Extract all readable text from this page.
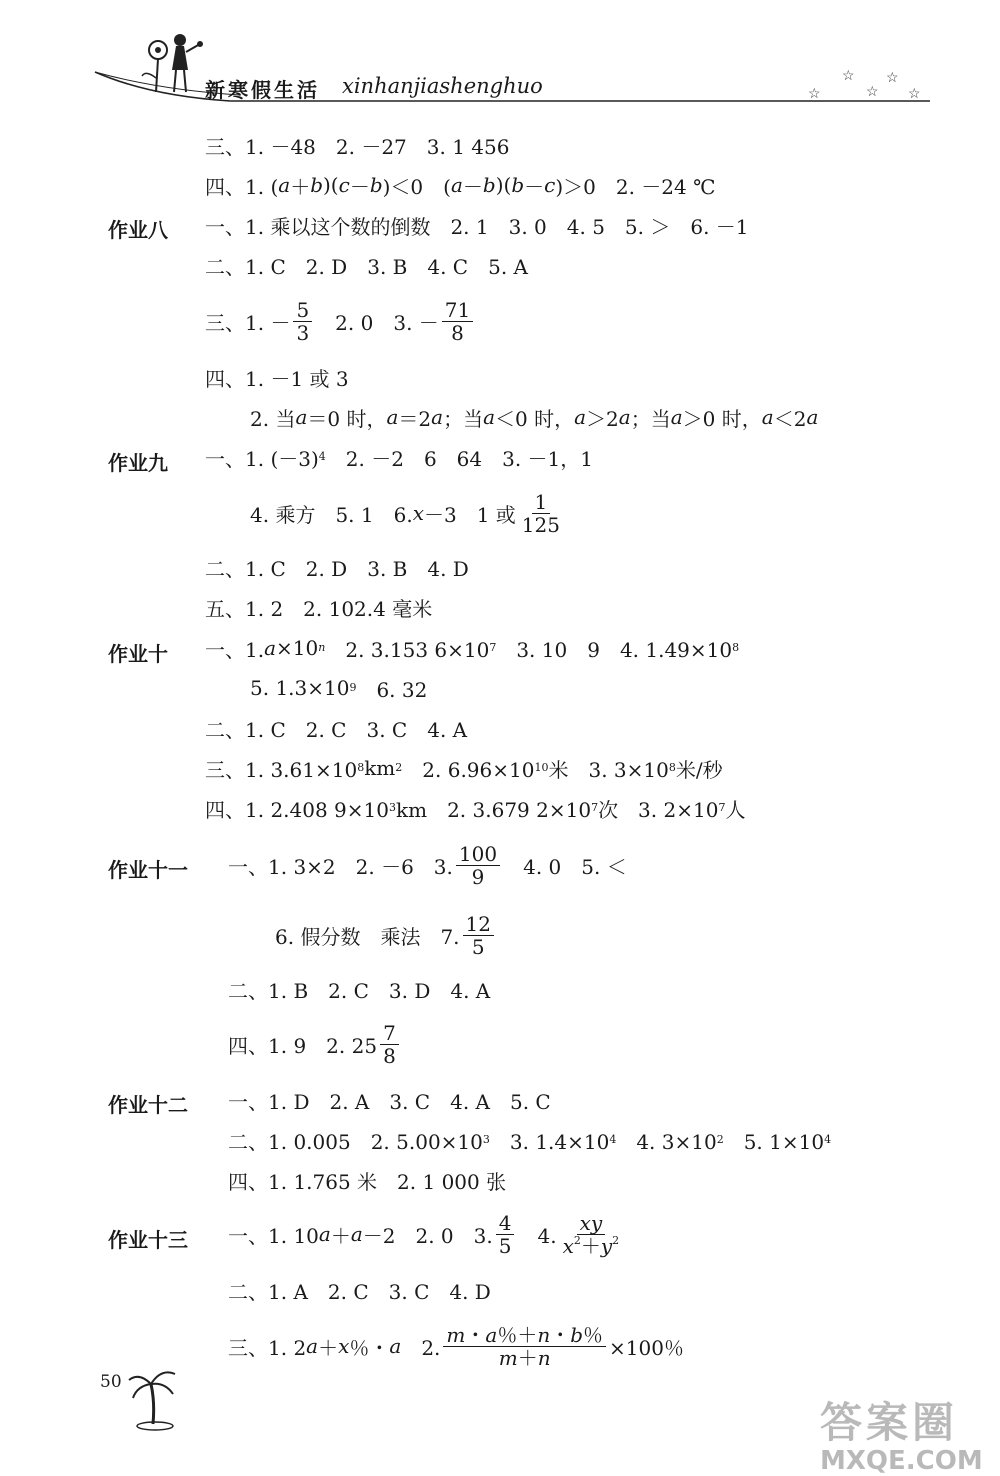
☆
☆
☆
☆
☆
新寒假生活 xinhanjiashenghuo
三、1. －48　2. －27　3. 1 456
四、1. ( a ＋ b )( c － b )＜0　( a － b )( b － c )＞0　2. －24 ℃
作业八 一、1. 乘以这个数的倒数　2. 1　3. 0　4. 5　5. ＞　6. －1
二、1. C　2. D　3. B　4. C　5. A
三、1. － $\frac{5}{3}$ 　2. 0　3. － $\frac{71}{8}$
四、1. －1 或 3
2. 当 a ＝0 时， a ＝2 a ；当 a ＜0 时， a ＞2 a ；当 a ＞0 时， a ＜2 a
作业九 一、1. (－3) 4 　2. －2　6　64　3. －1，1
4. 乘方　5. 1　6. x －3　1 或 $\frac{1}{125}$
二、1. C　2. D　3. B　4. D
五、1. 2　2. 102.4 毫米
作业十 一、1. a ×10 n 　2. 3.153 6×10 7 　3. 10　9　4. 1.49×10 8
5. 1.3×10 9 　6. 32
二、1. C　2. C　3. C　4. A
三、1. 3.61×10 8 km 2 　2. 6.96×10 10 米　3. 3×10 8 米/秒
四、1. 2.408 9×10 3 km　2. 3.679 2×10 7 次　3. 2×10 7 人
作业十一 一、1. 3×2　2. －6　3. $\frac{100}{9}$ 　4. 0　5. ＜
6. 假分数　乘法　7. $\frac{12}{5}$
二、1. B　2. C　3. D　4. A
四、1. 9　2. $25 \frac{7}{8}$
作业十二 一、1. D　2. A　3. C　4. A　5. C
二、1. 0.005　2. 5.00×10 3 　3. 1.4×10 4 　4. 3×10 2 　5. 1×10 4
四、1. 1.765 米　2. 1 000 张
作业十三 一、1. 10 a ＋ a －2　2. 0　3. $\frac{4}{5}$ 　4. $\frac{xy}{x^2+y^2}$
二、1. A　2. C　3. C　4. D
三、1. 2 a ＋ x ％・ a 　2. $\frac{m・a\%+n・b\%}{m+n} \times 100$％
50
答案圈
MXQE.COM
